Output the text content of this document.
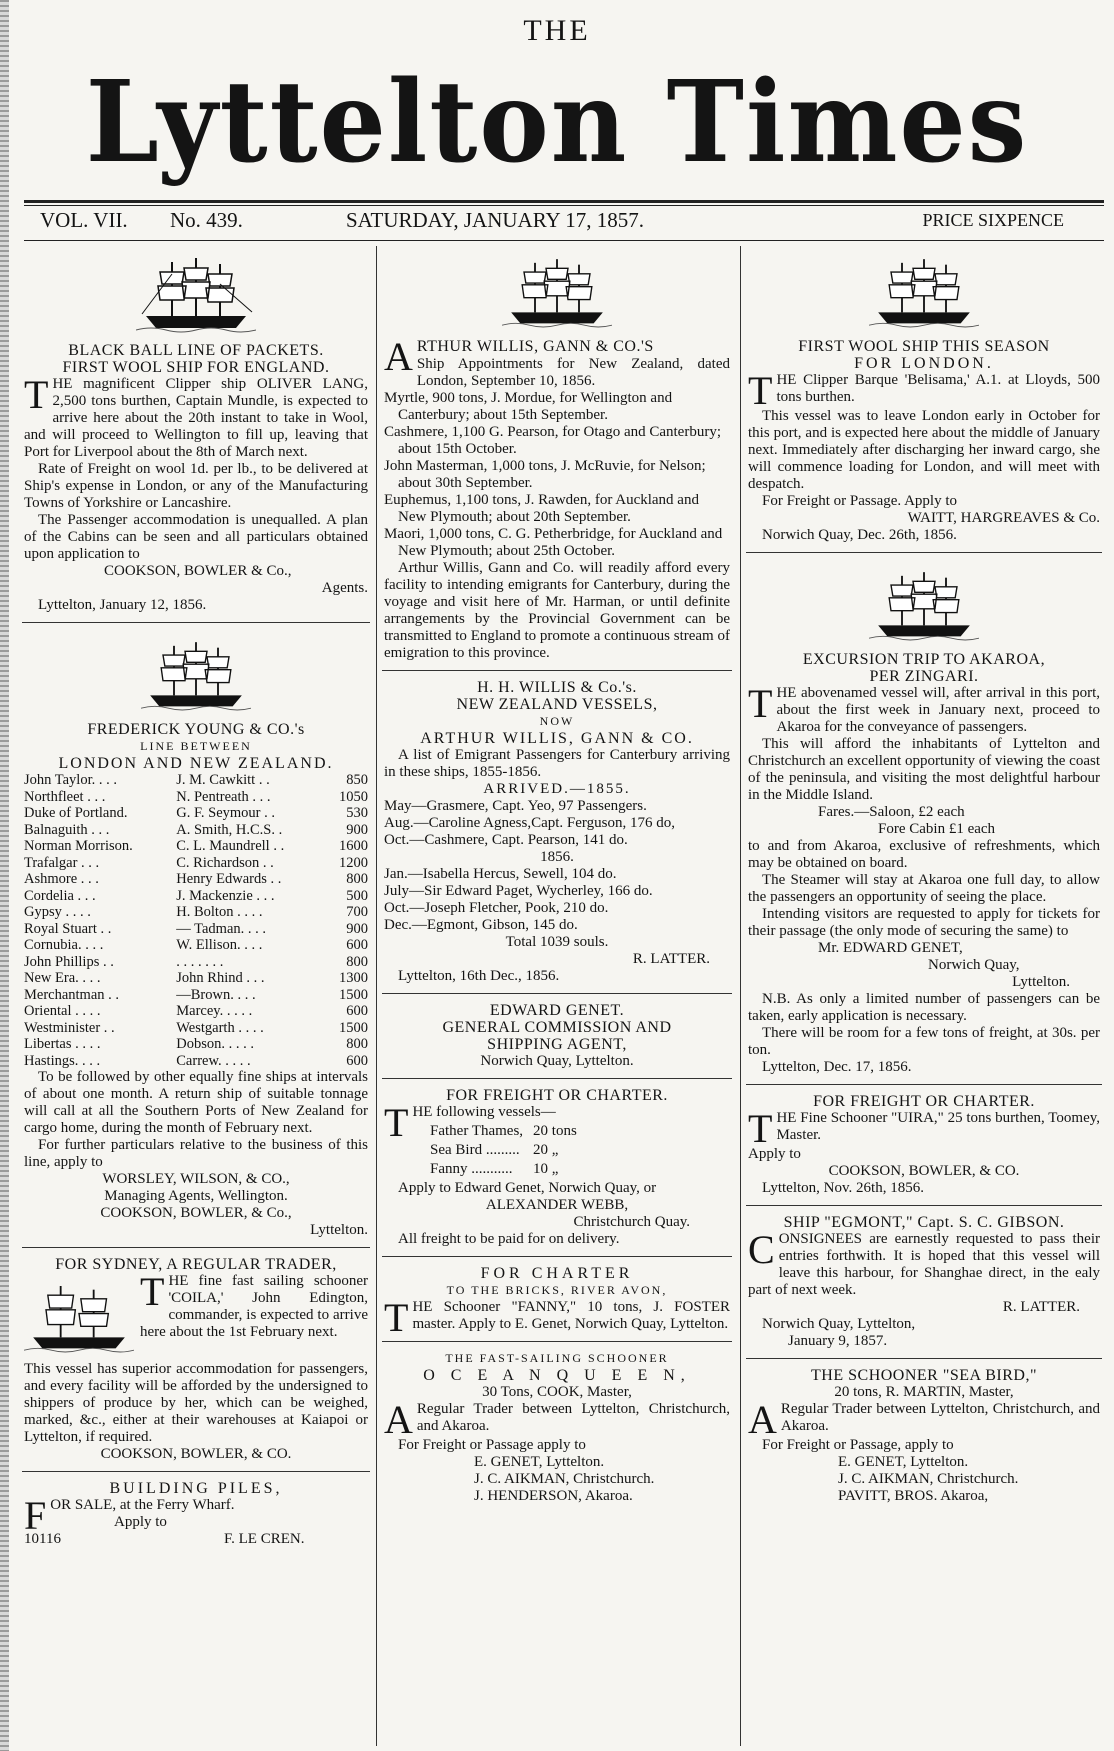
THE
Lyttelton Times
VOL. VII. No. 439.	SATURDAY, JANUARY 17, 1857.	PRICE SIXPENCE
BLACK BALL LINE OF PACKETS.
FIRST WOOL SHIP FOR ENGLAND.

THE magnificent Clipper ship OLIVER LANG, 2,500 tons burthen, Captain Mundle, is expected to arrive here about the 20th instant to take in Wool, and will proceed to Wellington to fill up, leaving that Port for Liverpool about the 8th of March next.

Rate of Freight on wool 1d. per lb., to be delivered at Ship's expense in London, or any of the Manufacturing Towns of Yorkshire or Lancashire.

The Passenger accommodation is unequalled. A plan of the Cabins can be seen and all particulars obtained upon application to

COOKSON, BOWLER & Co.,
Agents.
Lyttelton, January 12, 1856.
FREDERICK YOUNG & CO.'s
LINE BETWEEN
LONDON AND NEW ZEALAND.
John Taylor. . . .	J. M. Cawkitt . .	850
Northfleet . . .	N. Pentreath . . .	1050
Duke of Portland.	G. F. Seymour . .	530
Balnaguith . . .	A. Smith, H.C.S. .	900
Norman Morrison.	C. L. Maundrell . .	1600
Trafalgar . . .	C. Richardson . .	1200
Ashmore . . .	Henry Edwards . .	800
Cordelia . . .	J. Mackenzie . . .	500
Gypsy . . . .	H. Bolton . . . .	700
Royal Stuart . .	— Tadman. . . .	900
Cornubia. . . .	W. Ellison. . . .	600
John Phillips . .	. . . . . . .	800
New Era. . . .	John Rhind . . .	1300
Merchantman . .	—Brown. . . .	1500
Oriental . . . .	Marcey. . . . .	600
Westminister . .	Westgarth . . . .	1500
Libertas . . . .	Dobson. . . . .	800
Hastings. . . .	Carrew. . . . .	600

To be followed by other equally fine ships at intervals of about one month. A return ship of suitable tonnage will call at all the Southern Ports of New Zealand for cargo home, during the month of February next.

For further particulars relative to the business of this line, apply to

WORSLEY, WILSON, & CO.,
Managing Agents, Wellington.
COOKSON, BOWLER, & Co.,
Lyttelton.
FOR SYDNEY, A REGULAR TRADER,

THE fine fast sailing schooner 'COILA,' John Edington, commander, is expected to arrive here about the 1st February next.

This vessel has superior accommodation for passengers, and every facility will be afforded by the undersigned to shippers of produce by her, which can be weighed, marked, &c., either at their warehouses at Kaiapoi or Lyttelton, if required.

COOKSON, BOWLER, & CO.
BUILDING PILES,

FOR SALE, at the Ferry Wharf.

Apply to
10116	F. LE CREN.

ARTHUR WILLIS, GANN & CO.'S
Ship Appointments for New Zealand, dated London, September 10, 1856.

Myrtle, 900 tons, J. Mordue, for Wellington and Canterbury; about 15th September.
Cashmere, 1,100 G. Pearson, for Otago and Canterbury; about 15th October.
John Masterman, 1,000 tons, J. McRuvie, for Nelson; about 30th September.
Euphemus, 1,100 tons, J. Rawden, for Auckland and New Plymouth; about 20th September.
Maori, 1,000 tons, C. G. Petherbridge, for Auckland and New Plymouth; about 25th October.

Arthur Willis, Gann and Co. will readily afford every facility to intending emigrants for Canterbury, during the voyage and visit here of Mr. Harman, or until definite arrangements by the Provincial Government can be transmitted to England to promote a continuous stream of emigration to this province.

H. H. WILLIS & Co.'s.
NEW ZEALAND VESSELS,
NOW
ARTHUR WILLIS, GANN & CO.

A list of Emigrant Passengers for Canterbury arriving in these ships, 1855-1856.

ARRIVED.—1855.
May—Grasmere, Capt. Yeo, 97 Passengers.
Aug.—Caroline Agness,Capt. Ferguson, 176 do,
Oct.—Cashmere, Capt. Pearson, 141 do.
1856.
Jan.—Isabella Hercus, Sewell, 104 do.
July—Sir Edward Paget, Wycherley, 166 do.
Oct.—Joseph Fletcher, Pook, 210 do.
Dec.—Egmont, Gibson, 145 do.
Total 1039 souls.
R. LATTER.
Lyttelton, 16th Dec., 1856.
EDWARD GENET.
GENERAL COMMISSION AND
SHIPPING AGENT,
Norwich Quay, Lyttelton.
FOR FREIGHT OR CHARTER.

THE following vessels—

Father Thames,	20 tons
Sea Bird .........	20 „
Fanny ...........	10 „

Apply to Edward Genet, Norwich Quay, or

ALEXANDER WEBB,
Christchurch Quay.
All freight to be paid for on delivery.
FOR CHARTER
TO THE BRICKS, RIVER AVON,

THE Schooner "FANNY," 10 tons, J. FOSTER master. Apply to E. Genet, Norwich Quay, Lyttelton.

THE FAST-SAILING SCHOONER
O C E A N Q U E E N,
30 Tons, COOK, Master,

A Regular Trader between Lyttelton, Christchurch, and Akaroa.

For Freight or Passage apply to
E. GENET, Lyttelton.
J. C. AIKMAN, Christchurch.
J. HENDERSON, Akaroa.
FIRST WOOL SHIP THIS SEASON
FOR LONDON.

THE Clipper Barque 'Belisama,' A.1. at Lloyds, 500 tons burthen.

This vessel was to leave London early in October for this port, and is expected here about the middle of January next. Immediately after discharging her inward cargo, she will commence loading for London, and will meet with despatch.

For Freight or Passage. Apply to

WAITT, HARGREAVES & Co.
Norwich Quay, Dec. 26th, 1856.
EXCURSION TRIP TO AKAROA,
PER ZINGARI.

THE abovenamed vessel will, after arrival in this port, about the first week in January next, proceed to Akaroa for the conveyance of passengers.

This will afford the inhabitants of Lyttelton and Christchurch an excellent opportunity of viewing the coast of the peninsula, and visiting the most delightful harbour in the Middle Island.

Fares.—Saloon, £2 each
Fore Cabin £1 each

to and from Akaroa, exclusive of refreshments, which may be obtained on board.

The Steamer will stay at Akaroa one full day, to allow the passengers an opportunity of seeing the place.

Intending visitors are requested to apply for tickets for their passage (the only mode of securing the same) to

Mr. EDWARD GENET,
Norwich Quay,
Lyttelton.

N.B. As only a limited number of passengers can be taken, early application is necessary.

There will be room for a few tons of freight, at 30s. per ton.

Lyttelton, Dec. 17, 1856.
FOR FREIGHT OR CHARTER.

THE Fine Schooner "UIRA," 25 tons burthen, Toomey, Master.

Apply to
COOKSON, BOWLER, & CO.
Lyttelton, Nov. 26th, 1856.
SHIP "EGMONT," Capt. S. C. GIBSON.

CONSIGNEES are earnestly requested to pass their entries forthwith. It is hoped that this vessel will leave this harbour, for Shanghae direct, in the ealy part of next week.

R. LATTER.
Norwich Quay, Lyttelton,
January 9, 1857.
THE SCHOONER "SEA BIRD,"
20 tons, R. MARTIN, Master,

A Regular Trader between Lyttelton, Christchurch, and Akaroa.

For Freight or Passage, apply to
E. GENET, Lyttelton.
J. C. AIKMAN, Christchurch.
PAVITT, BROS. Akaroa,
